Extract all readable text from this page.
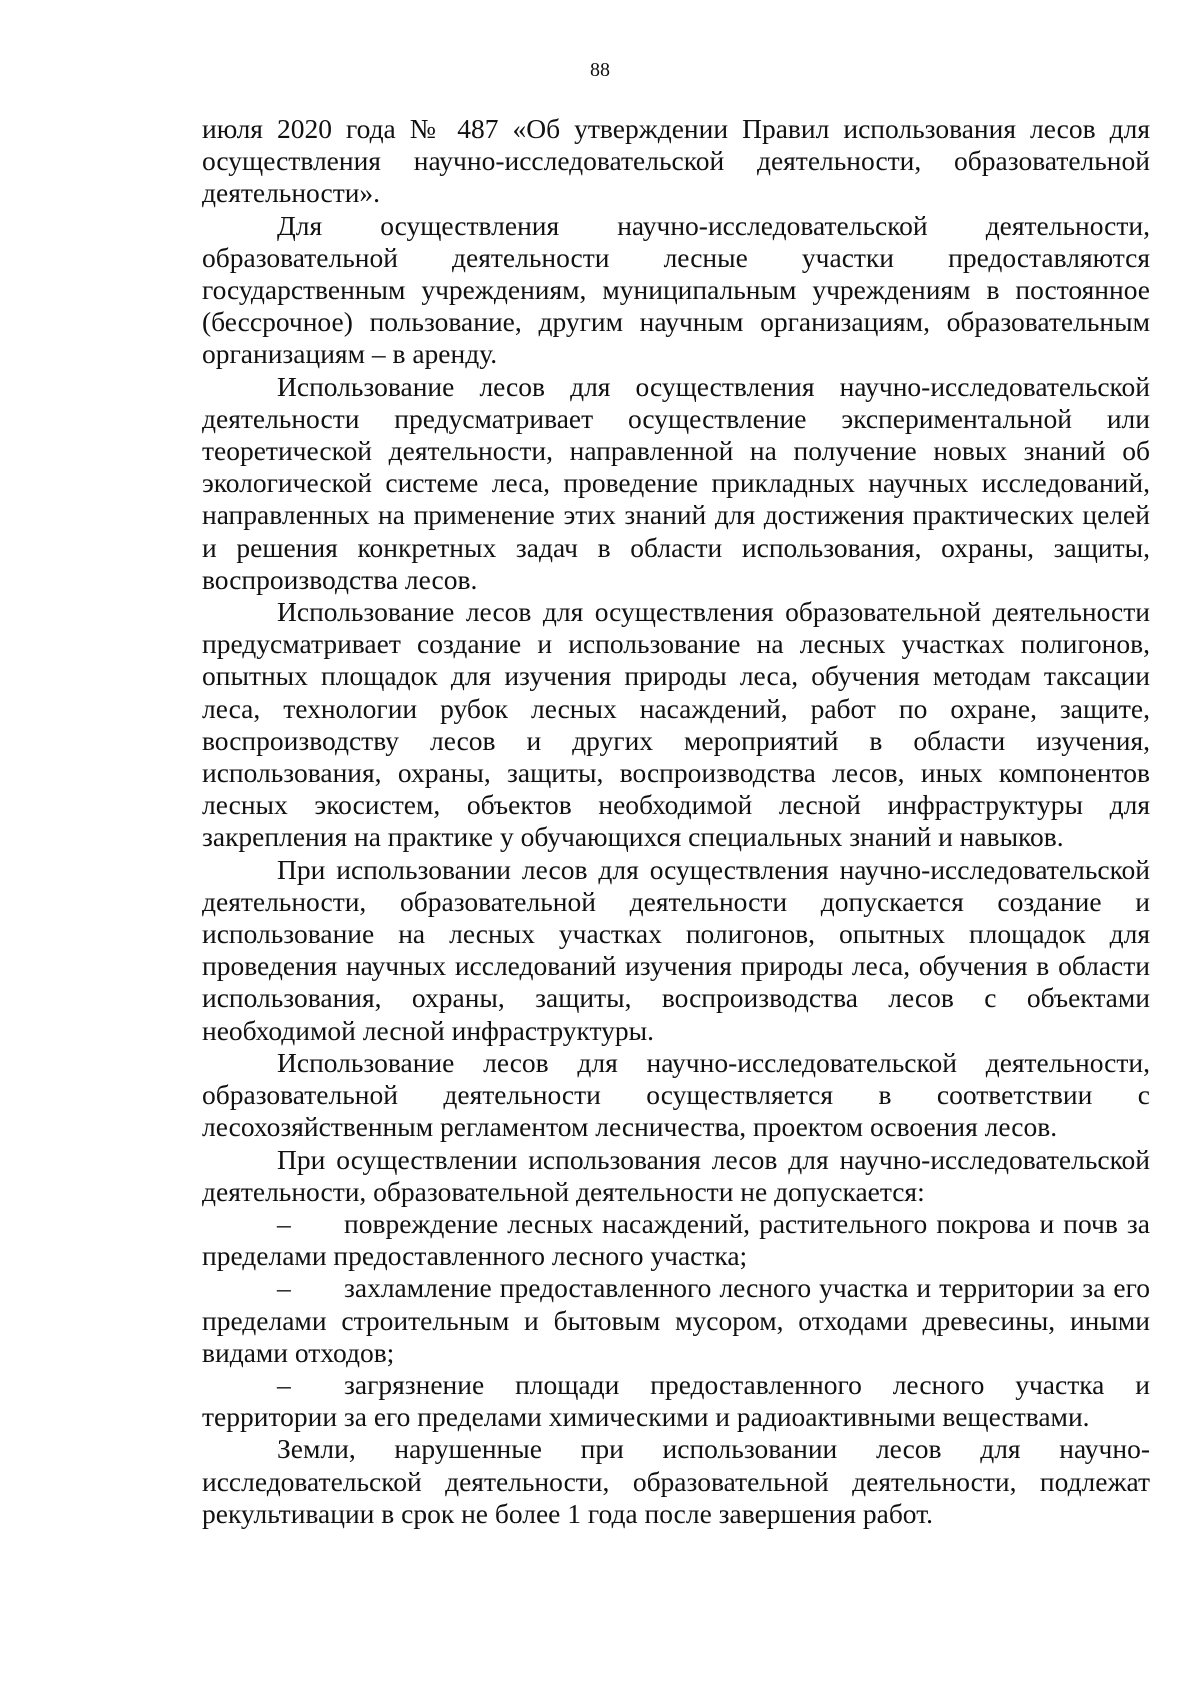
88

июля 2020 года № 487 «Об утверждении Правил использования лесов для осуществления научно-исследовательской деятельности, образовательной деятельности».

Для осуществления научно-исследовательской деятельности, образовательной деятельности лесные участки предоставляются государственным учреждениям, муниципальным учреждениям в постоянное (бессрочное) пользование, другим научным организациям, образовательным организациям – в аренду.

Использование лесов для осуществления научно-исследовательской деятельности предусматривает осуществление экспериментальной или теоретической деятельности, направленной на получение новых знаний об экологической системе леса, проведение прикладных научных исследований, направленных на применение этих знаний для достижения практических целей и решения конкретных задач в области использования, охраны, защиты, воспроизводства лесов.

Использование лесов для осуществления образовательной деятельности предусматривает создание и использование на лесных участках полигонов, опытных площадок для изучения природы леса, обучения методам таксации леса, технологии рубок лесных насаждений, работ по охране, защите, воспроизводству лесов и других мероприятий в области изучения, использования, охраны, защиты, воспроизводства лесов, иных компонентов лесных экосистем, объектов необходимой лесной инфраструктуры для закрепления на практике у обучающихся специальных знаний и навыков.

При использовании лесов для осуществления научно-исследовательской деятельности, образовательной деятельности допускается создание и использование на лесных участках полигонов, опытных площадок для проведения научных исследований изучения природы леса, обучения в области использования, охраны, защиты, воспроизводства лесов с объектами необходимой лесной инфраструктуры.

Использование лесов для научно-исследовательской деятельности, образовательной деятельности осуществляется в соответствии с лесохозяйственным регламентом лесничества, проектом освоения лесов.

При осуществлении использования лесов для научно-исследовательской деятельности, образовательной деятельности не допускается:

– повреждение лесных насаждений, растительного покрова и почв за пределами предоставленного лесного участка;

– захламление предоставленного лесного участка и территории за его пределами строительным и бытовым мусором, отходами древесины, иными видами отходов;

– загрязнение площади предоставленного лесного участка и территории за его пределами химическими и радиоактивными веществами.

Земли, нарушенные при использовании лесов для научно-исследовательской деятельности, образовательной деятельности, подлежат рекультивации в срок не более 1 года после завершения работ.
